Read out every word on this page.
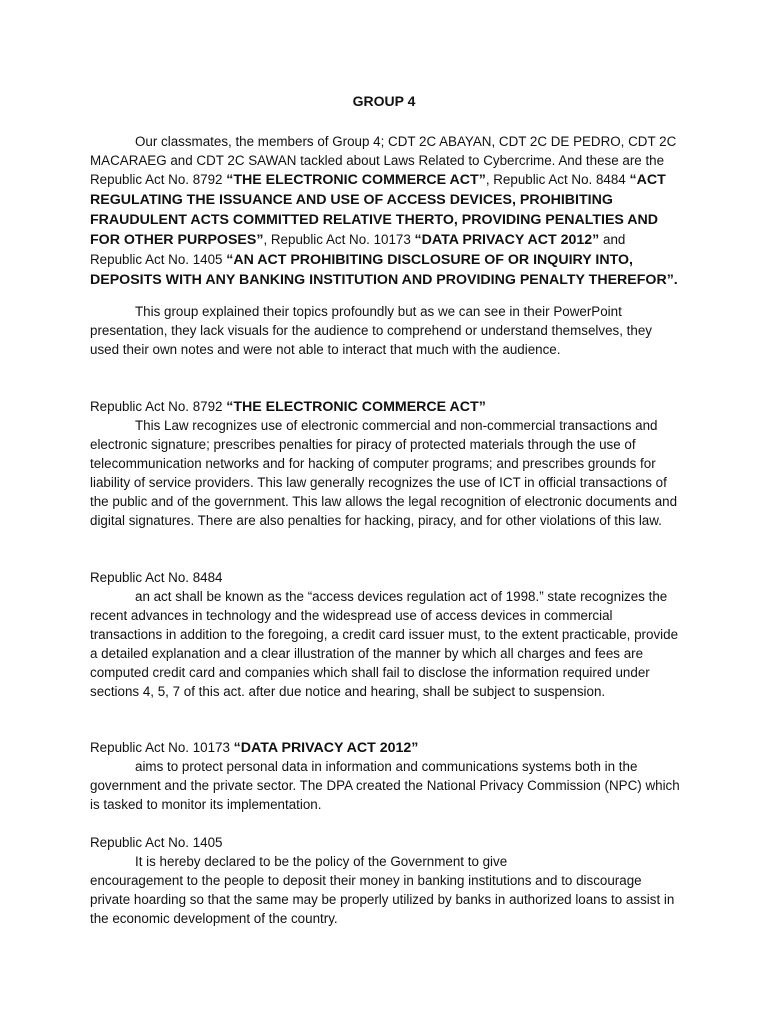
GROUP 4

Our classmates, the members of Group 4; CDT 2C ABAYAN, CDT 2C DE PEDRO, CDT 2C MACARAEG and CDT 2C SAWAN tackled about Laws Related to Cybercrime. And these are the Republic Act No. 8792 “THE ELECTRONIC COMMERCE ACT”, Republic Act No. 8484 “ACT REGULATING THE ISSUANCE AND USE OF ACCESS DEVICES, PROHIBITING FRAUDULENT ACTS COMMITTED RELATIVE THERTO, PROVIDING PENALTIES AND FOR OTHER PURPOSES”, Republic Act No. 10173 “DATA PRIVACY ACT 2012” and Republic Act No. 1405 “AN ACT PROHIBITING DISCLOSURE OF OR INQUIRY INTO, DEPOSITS WITH ANY BANKING INSTITUTION AND PROVIDING PENALTY THEREFOR”.

This group explained their topics profoundly but as we can see in their PowerPoint presentation, they lack visuals for the audience to comprehend or understand themselves, they used their own notes and were not able to interact that much with the audience.

Republic Act No. 8792 “THE ELECTRONIC COMMERCE ACT”

This Law recognizes use of electronic commercial and non-commercial transactions and electronic signature; prescribes penalties for piracy of protected materials through the use of telecommunication networks and for hacking of computer programs; and prescribes grounds for liability of service providers. This law generally recognizes the use of ICT in official transactions of the public and of the government. This law allows the legal recognition of electronic documents and digital signatures. There are also penalties for hacking, piracy, and for other violations of this law.

Republic Act No. 8484

an act shall be known as the “access devices regulation act of 1998.” state recognizes the recent advances in technology and the widespread use of access devices in commercial transactions in addition to the foregoing, a credit card issuer must, to the extent practicable, provide a detailed explanation and a clear illustration of the manner by which all charges and fees are computed credit card and companies which shall fail to disclose the information required under sections 4, 5, 7 of this act. after due notice and hearing, shall be subject to suspension.

Republic Act No. 10173 “DATA PRIVACY ACT 2012”

aims to protect personal data in information and communications systems both in the government and the private sector. The DPA created the National Privacy Commission (NPC) which is tasked to monitor its implementation.

Republic Act No. 1405

It is hereby declared to be the policy of the Government to give

encouragement to the people to deposit their money in banking institutions and to discourage private hoarding so that the same may be properly utilized by banks in authorized loans to assist in the economic development of the country.
